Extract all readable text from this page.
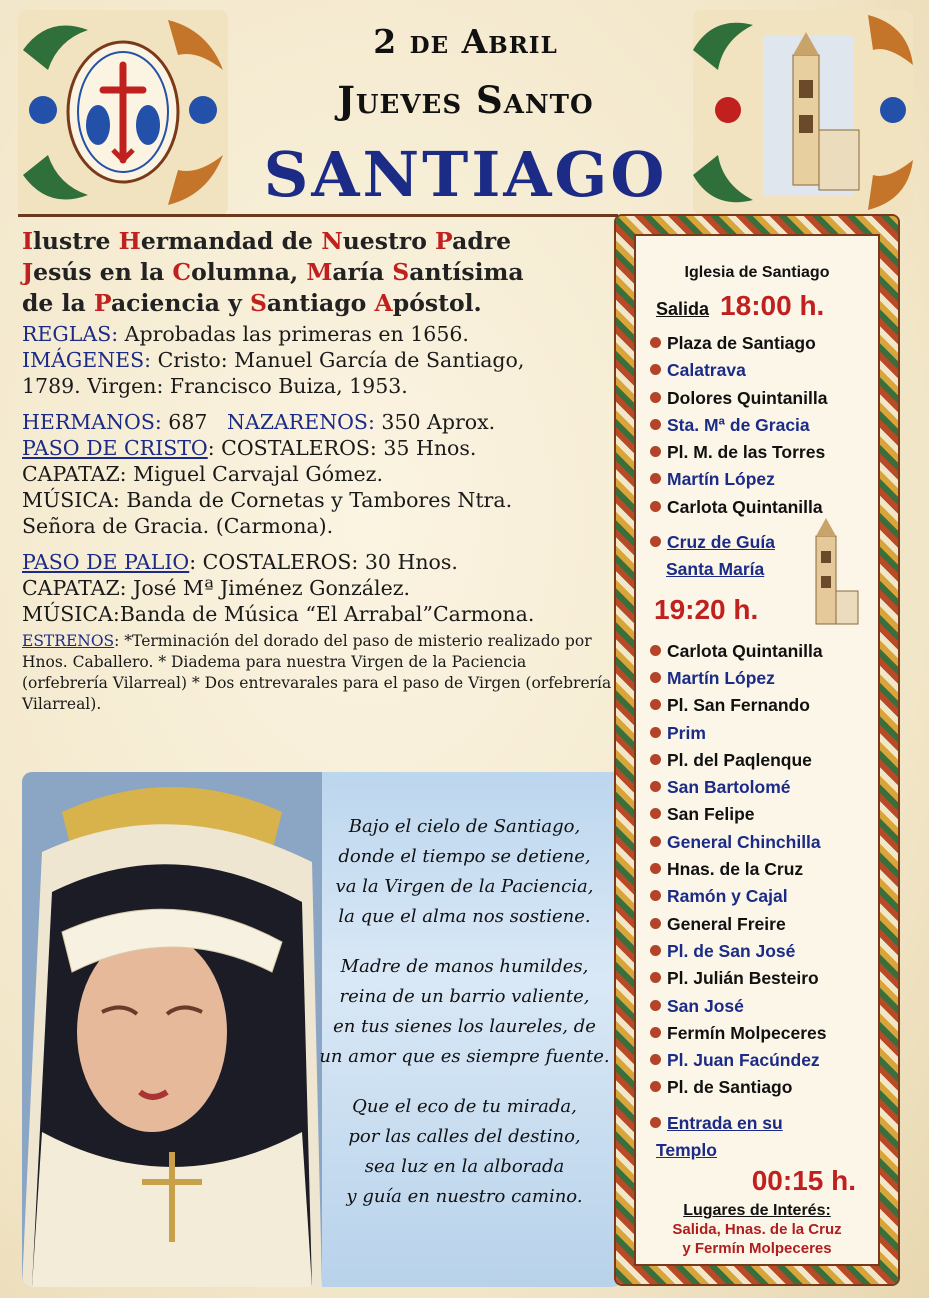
2 de Abril
Jueves Santo
SANTIAGO
Ilustre Hermandad de Nuestro Padre
Jesús en la Columna, María Santísima
de la Paciencia y Santiago Apóstol.

REGLAS: Aprobadas las primeras en 1656.

IMÁGENES: Cristo: Manuel García de Santiago,

1789. Virgen: Francisco Buiza, 1953.

HERMANOS: 687 NAZARENOS: 350 Aprox.

PASO DE CRISTO: COSTALEROS: 35 Hnos.

CAPATAZ: Miguel Carvajal Gómez.

MÚSICA: Banda de Cornetas y Tambores Ntra.

Señora de Gracia. (Carmona).

PASO DE PALIO: COSTALEROS: 30 Hnos.

CAPATAZ: José Mª Jiménez González.

MÚSICA:Banda de Música “El Arrabal”Carmona.

ESTRENOS: *Terminación del dorado del paso de misterio realizado por Hnos. Caballero. * Diadema para nuestra Virgen de la Paciencia (orfebrería Vilarreal) * Dos entrevarales para el paso de Virgen (orfebrería Vilarreal).
Bajo el cielo de Santiago,
donde el tiempo se detiene,
va la Virgen de la Paciencia,
la que el alma nos sostiene.
Madre de manos humildes,
reina de un barrio valiente,
en tus sienes los laureles, de
un amor que es siempre fuente.
Que el eco de tu mirada,
por las calles del destino,
sea luz en la alborada
y guía en nuestro camino.
Iglesia de Santiago
Salida 18:00 h.
Plaza de Santiago
Calatrava
Dolores Quintanilla
Sta. Mª de Gracia
Pl. M. de las Torres
Martín López
Carlota Quintanilla
Cruz de Guía
Santa María
19:20 h.
Carlota Quintanilla
Martín López
Pl. San Fernando
Prim
Pl. del Paqlenque
San Bartolomé
San Felipe
General Chinchilla
Hnas. de la Cruz
Ramón y Cajal
General Freire
Pl. de San José
Pl. Julián Besteiro
San José
Fermín Molpeceres
Pl. Juan Facúndez
Pl. de Santiago
Entrada en su
Templo
00:15 h.
Lugares de Interés:
Salida, Hnas. de la Cruz
y Fermín Molpeceres
